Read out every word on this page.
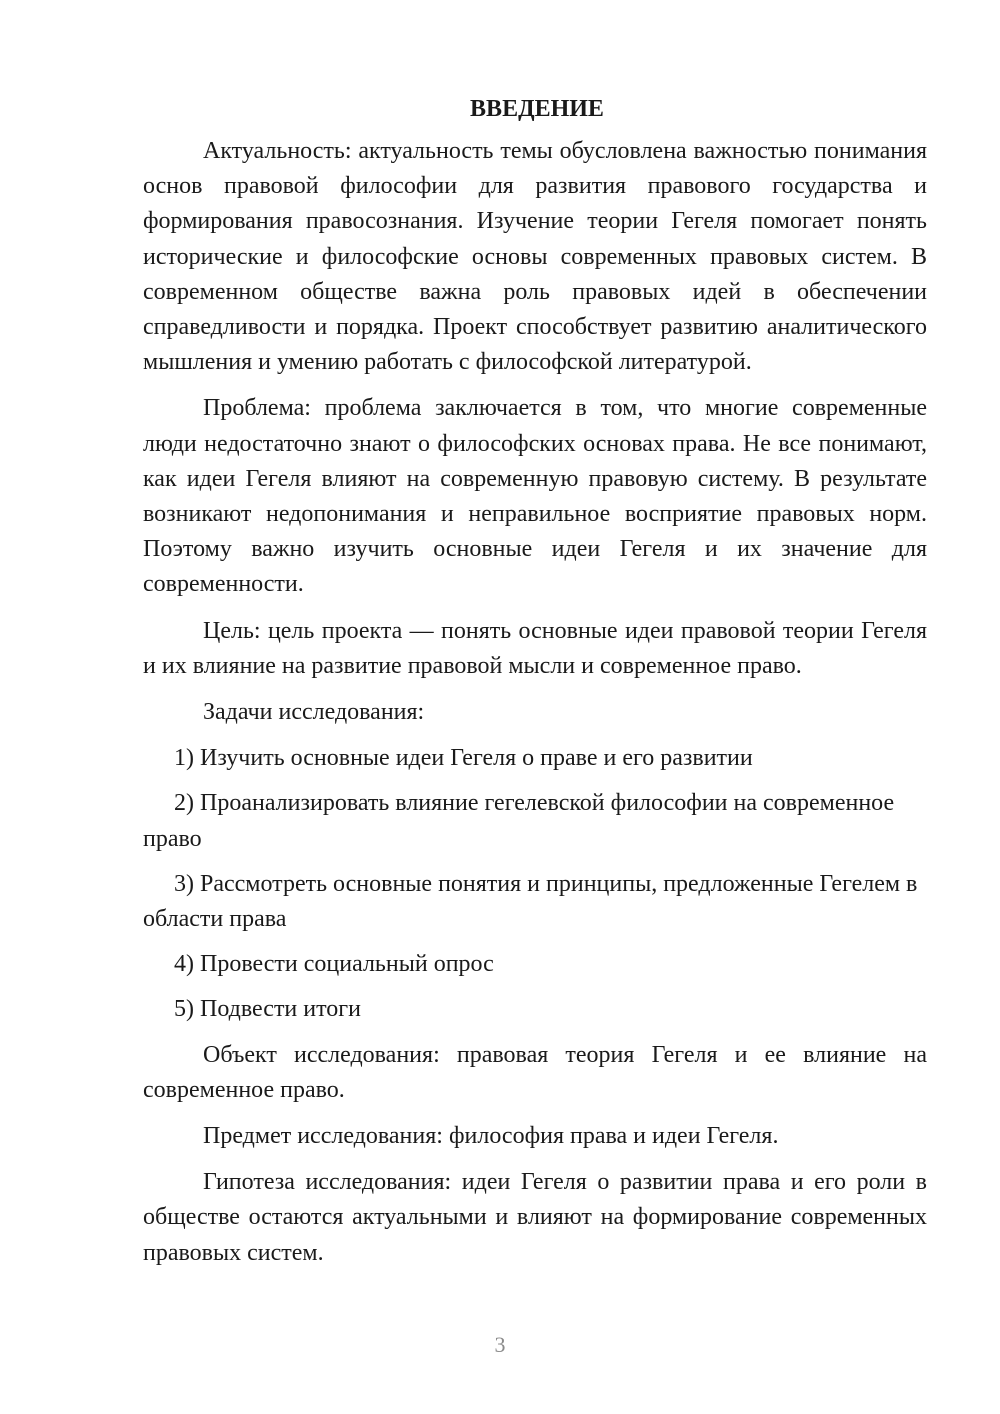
ВВЕДЕНИЕ

Актуальность: актуальность темы обусловлена важностью понимания основ правовой философии для развития правового государства и формирования правосознания. Изучение теории Гегеля помогает понять исторические и философские основы современных правовых систем. В современном обществе важна роль правовых идей в обеспечении справедливости и порядка. Проект способствует развитию аналитического мышления и умению работать с философской литературой.

Проблема: проблема заключается в том, что многие современные люди недостаточно знают о философских основах права. Не все понимают, как идеи Гегеля влияют на современную правовую систему. В результате возникают недопонимания и неправильное восприятие правовых норм. Поэтому важно изучить основные идеи Гегеля и их значение для современности.

Цель: цель проекта — понять основные идеи правовой теории Гегеля и их влияние на развитие правовой мысли и современное право.

Задачи исследования:

1) Изучить основные идеи Гегеля о праве и его развитии

2) Проанализировать влияние гегелевской философии на современное право

3) Рассмотреть основные понятия и принципы, предложенные Гегелем в области права

4) Провести социальный опрос

5) Подвести итоги

Объект исследования: правовая теория Гегеля и ее влияние на современное право.

Предмет исследования: философия права и идеи Гегеля.

Гипотеза исследования: идеи Гегеля о развитии права и его роли в обществе остаются актуальными и влияют на формирование современных правовых систем.

3
